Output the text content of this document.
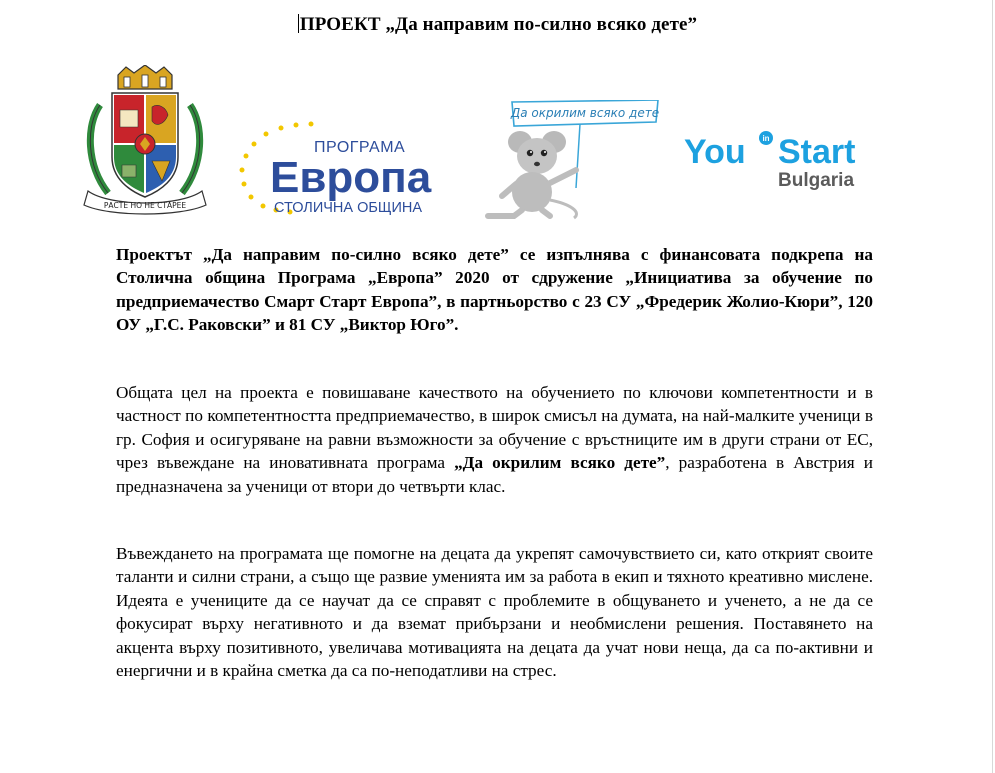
ПРОЕКТ „Да направим по-силно всяко дете”
РАСТЕ НО НЕ СТАРЕЕ
ПРОГРАМА
Европа
СТОЛИЧНА ОБЩИНА
Да окрилим всяко дете
You in Start
Bulgaria
Проектът „Да направим по-силно всяко дете” се изпълнява с финансовата подкрепа на Столична община Програма „Европа” 2020 от сдружение „Инициатива за обучение по предприемачество Смарт Старт Европа”, в партньорство с 23 СУ „Фредерик Жолио-Кюри”, 120 ОУ „Г.С. Раковски” и 81 СУ „Виктор Юго”.
Общата цел на проекта е повишаване качеството на обучението по ключови компетентности и в частност по компетентността предприемачество, в широк смисъл на думата, на най-малките ученици в гр. София и осигуряване на равни възможности за обучение с връстниците им в други страни от ЕС, чрез въвеждане на иновативната програма „Да окрилим всяко дете”, разработена в Австрия и предназначена за ученици от втори до четвърти клас.
Въвеждането на програмата ще помогне на децата да укрепят самочувствието си, като открият своите таланти и силни страни, а също ще развие уменията им за работа в екип и тяхното креативно мислене. Идеята е учениците да се научат да се справят с проблемите в общуването и ученето, а не да се фокусират върху негативното и да вземат прибързани и необмислени решения. Поставянето на акцента върху позитивното, увеличава мотивацията на децата да учат нови неща, да са по-активни и енергични и в крайна сметка да са по-неподатливи на стрес.
